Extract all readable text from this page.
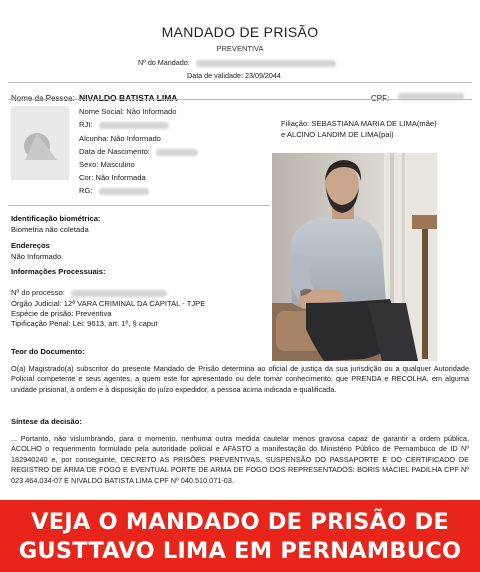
MANDADO DE PRISÃO
PREVENTIVA
Nº do Mandado:
Data de validade: 23/09/2044
Nome da Pessoa: NIVALDO BATISTA LIMA	CPF:
Nome Social: Não Informado
RJI:
Alcunha: Não Informado
Data de Nascimento:
Sexo: Masculino
Cor: Não Informada
RG:
Filiação: SEBASTIANA MARIA DE LIMA(mãe)
e ALCINO LANDIM DE LIMA(pai)
Identificação biométrica:
Biometria não coletada
Endereços
Não Informado
Informações Processuais:
Nº do processo:
Órgão Judicial: 12ª VARA CRIMINAL DA CAPITAL - TJPE
Espécie de prisão: Preventiva
Tipificação Penal: Lei: 9613, art. 1º, § caput
Teor do Documento:
O(a) Magistrado(a) subscritor do presente Mandado de Prisão determina ao oficial de justiça da sua jurisdição ou a qualquer Autoridade Policial competente e seus agentes, a quem este for apresentado ou dele tomar conhecimento, que PRENDA e RECOLHA, em alguma unidade prisional, à ordem e à disposição do juízo expedidor, a pessoa acima indicada e qualificada.
Síntese da decisão:
... Portanto, não vislumbrando, para o momento, nenhuma outra medida cautelar menos gravosa capaz de garantir a ordem pública, ACOLHO o requerimento formulado pela autoridade policial e AFASTO a manifestação do Ministério Público de Pernambuco de ID Nº 182940240 e, por conseguinte, DECRETO AS PRISÕES PREVENTIVAS, SUSPENSÃO DO PASSAPORTE E DO CERTIFICADO DE REGISTRO DE ARMA DE FOGO E EVENTUAL PORTE DE ARMA DE FOGO DOS REPRESENTADOS: BORIS MACIEL PADILHA CPF Nº 023.464.034-07 E NIVALDO BATISTA LIMA CPF Nº 040.510.071-03.
VEJA O MANDADO DE PRISÃO DE
GUSTTAVO LIMA EM PERNAMBUCO
